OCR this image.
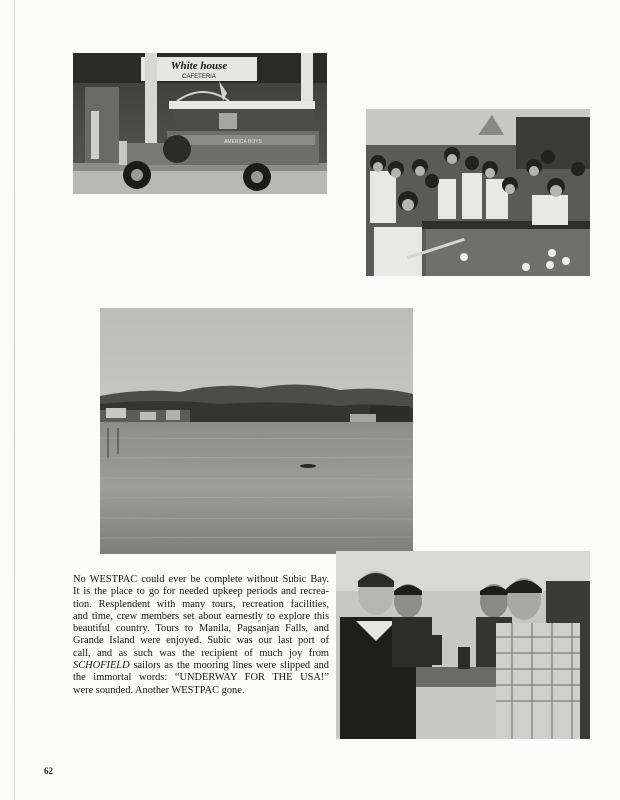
White house
CAFETERIA
AMERICA BOYS
No WESTPAC could ever be complete without Subic Bay.
It is the place to go for needed upkeep periods and recrea-
tion. Resplendent with many tours, recreation facilities,
and time, crew members set about earnestly to explore this
beautiful country. Tours to Manila, Pagsanjan Falls, and
Grande Island were enjoyed. Subic was our last port of
call, and as such was the recipient of much joy from
SCHOFIELD sailors as the mooring lines were slipped and
the immortal words: “UNDERWAY FOR THE USA!”
were sounded. Another WESTPAC gone.
62
